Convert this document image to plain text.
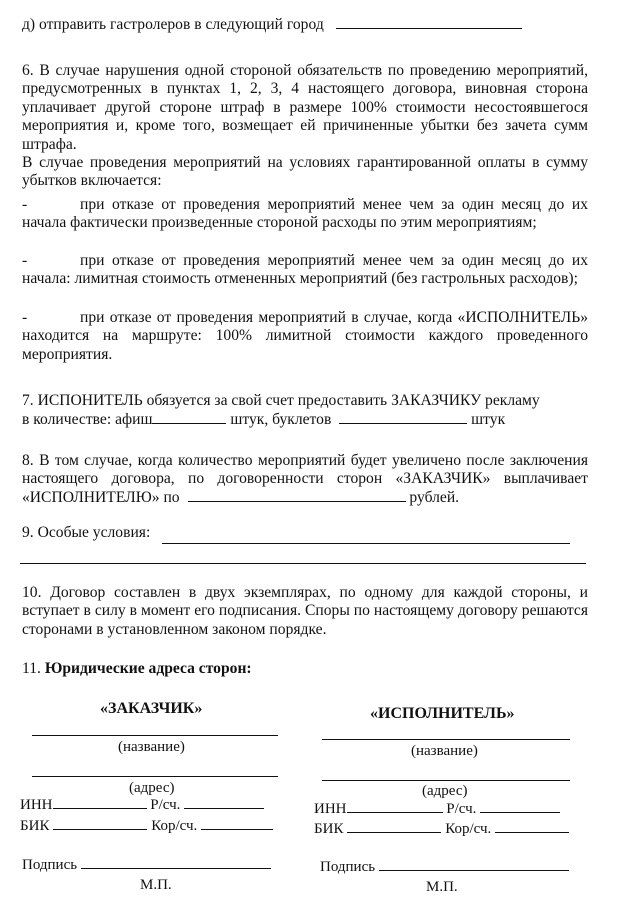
д) отправить гастролеров в следующий город
6. В случае нарушения одной стороной обязательств по проведению мероприятий, предусмотренных в пунктах 1, 2, 3, 4 настоящего договора, виновная сторона уплачивает другой стороне штраф в размере 100% стоимости несостоявшегося мероприятия и, кроме того, возмещает ей причиненные убытки без зачета сумм штрафа.
В случае проведения мероприятий на условиях гарантированной оплаты в сумму убытков включается:
-	при отказе от проведения мероприятий менее чем за один месяц до их начала фактически произведенные стороной расходы по этим мероприятиям;
-	при отказе от проведения мероприятий менее чем за один месяц до их начала: лимитная стоимость отмененных мероприятий (без гастрольных расходов);
-	при отказе от проведения мероприятий в случае, когда «ИСПОЛНИТЕЛЬ» находится на маршруте: 100% лимитной стоимости каждого проведенного мероприятия.
7. ИСПОНИТЕЛЬ обязуется за свой счет предоставить ЗАКАЗЧИКУ рекламу
в количестве: афиш	штук, буклетов	штук
8. В том случае, когда количество мероприятий будет увеличено после заключения настоящего договора, по договоренности сторон «ЗАКАЗЧИК» выплачивает «ИСПОЛНИТЕЛЮ» по	рублей.
9. Особые условия:
10. Договор составлен в двух экземплярах, по одному для каждой стороны, и вступает в силу в момент его подписания. Споры по настоящему договору решаются сторонами в установленном законом порядке.
11. Юридические адреса сторон:
«ЗАКАЗЧИК»
(название)
(адрес)
ИНН	Р/сч.
БИК	Кор/сч.
Подпись
М.П.
«ИСПОЛНИТЕЛЬ»
(название)
(адрес)
ИНН	Р/сч.
БИК	Кор/сч.
Подпись
М.П.
